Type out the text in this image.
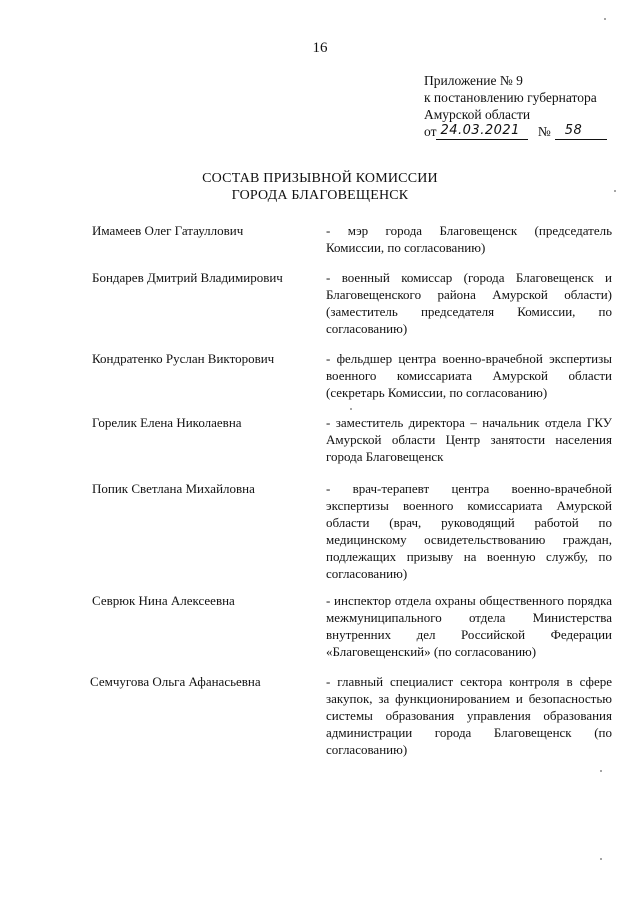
16
Приложение № 9
к постановлению губернатора
Амурской области
от 24.03.2021 № 58
СОСТАВ ПРИЗЫВНОЙ КОМИССИИ
ГОРОДА БЛАГОВЕЩЕНСК
Имамеев Олег Гатауллович	- мэр города Благовещенск (председатель Комиссии, по согласованию)
Бондарев Дмитрий Владимирович	- военный комиссар (города Благовещенск и Благовещенского района Амурской области) (заместитель председателя Комиссии, по согласованию)
Кондратенко Руслан Викторович	- фельдшер центра военно-врачебной экспертизы военного комиссариата Амурской области (секретарь Комиссии, по согласованию)
Горелик Елена Николаевна	- заместитель директора – начальник отдела ГКУ Амурской области Центр занятости населения города Благовещенск
Попик Светлана Михайловна	- врач-терапевт центра военно-врачебной экспертизы военного комиссариата Амурской области (врач, руководящий работой по медицинскому освидетельствованию граждан, подлежащих призыву на военную службу, по согласованию)
Севрюк Нина Алексеевна	- инспектор отдела охраны общественного порядка межмуниципального отдела Министерства внутренних дел Российской Федерации «Благовещенский» (по согласованию)
Семчугова Ольга Афанасьевна	- главный специалист сектора контроля в сфере закупок, за функционированием и безопасностью системы образования управления образования администрации города Благовещенск (по согласованию)
